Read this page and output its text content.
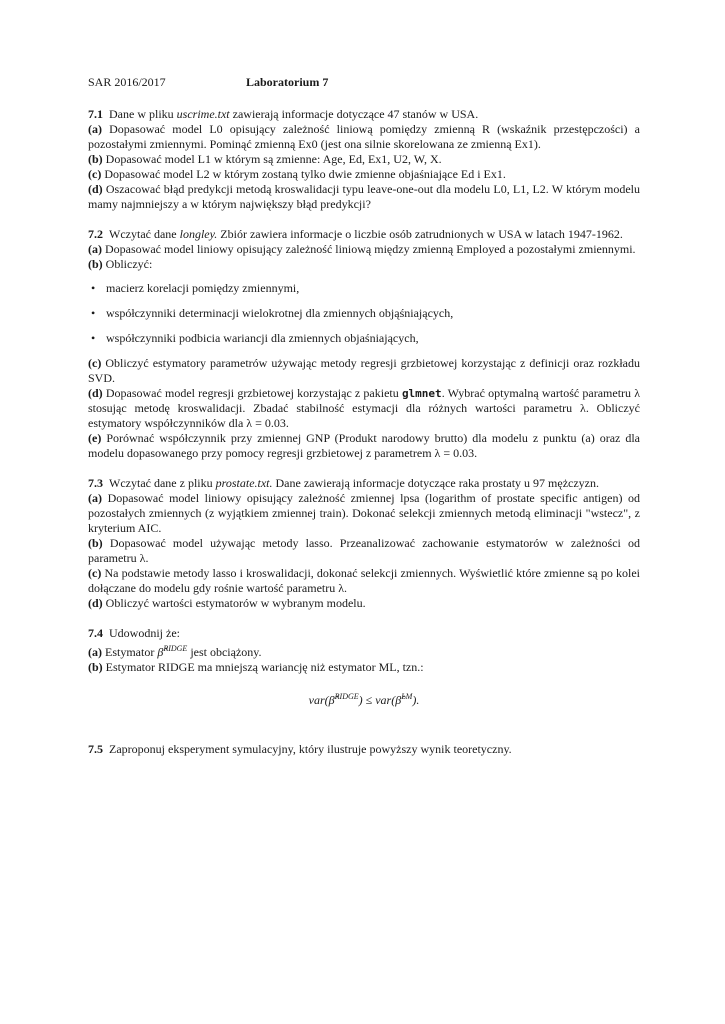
SAR 2016/2017	Laboratorium 7

7.1 Dane w pliku uscrime.txt zawierają informacje dotyczące 47 stanów w USA.

(a) Dopasować model L0 opisujący zależność liniową pomiędzy zmienną R (wskaźnik przestępczości) a pozostałymi zmiennymi. Pominąć zmienną Ex0 (jest ona silnie skorelowana ze zmienną Ex1).

(b) Dopasować model L1 w którym są zmienne: Age, Ed, Ex1, U2, W, X.

(c) Dopasować model L2 w którym zostaną tylko dwie zmienne objaśniające Ed i Ex1.

(d) Oszacować błąd predykcji metodą kroswalidacji typu leave-one-out dla modelu L0, L1, L2. W którym modelu mamy najmniejszy a w którym największy błąd predykcji?

7.2 Wczytać dane longley. Zbiór zawiera informacje o liczbie osób zatrudnionych w USA w latach 1947-1962.

(a) Dopasować model liniowy opisujący zależność liniową między zmienną Employed a pozostałymi zmiennymi.

(b) Obliczyć:

• macierz korelacji pomiędzy zmiennymi,
• współczynniki determinacji wielokrotnej dla zmiennych objąśniających,
• współczynniki podbicia wariancji dla zmiennych objaśniających,

(c) Obliczyć estymatory parametrów używając metody regresji grzbietowej korzystając z definicji oraz rozkładu SVD.

(d) Dopasować model regresji grzbietowej korzystając z pakietu glmnet. Wybrać optymalną wartość parametru λ stosując metodę kroswalidacji. Zbadać stabilność estymacji dla różnych wartości parametru λ. Obliczyć estymatory współczynników dla λ = 0.03.

(e) Porównać współczynnik przy zmiennej GNP (Produkt narodowy brutto) dla modelu z punktu (a) oraz dla modelu dopasowanego przy pomocy regresji grzbietowej z parametrem λ = 0.03.

7.3 Wczytać dane z pliku prostate.txt. Dane zawierają informacje dotyczące raka prostaty u 97 mężczyzn.

(a) Dopasować model liniowy opisujący zależność zmiennej lpsa (logarithm of prostate specific antigen) od pozostałych zmiennych (z wyjątkiem zmiennej train). Dokonać selekcji zmiennych metodą eliminacji "wstecz", z kryterium AIC.

(b) Dopasować model używając metody lasso. Przeanalizować zachowanie estymatorów w zależności od parametru λ.

(c) Na podstawie metody lasso i kroswalidacji, dokonać selekcji zmiennych. Wyświetlić które zmienne są po kolei dołączane do modelu gdy rośnie wartość parametru λ.

(d) Obliczyć wartości estymatorów w wybranym modelu.

7.4 Udowodnij że:

(a) Estymator β̂$^{RIDGE}$ jest obciążony.

(b) Estymator RIDGE ma mniejszą wariancję niż estymator ML, tzn.:

var(β̂$^{RIDGE}$) ≤ var(β̂$^{LM}$).

7.5 Zaproponuj eksperyment symulacyjny, który ilustruje powyższy wynik teoretyczny.
